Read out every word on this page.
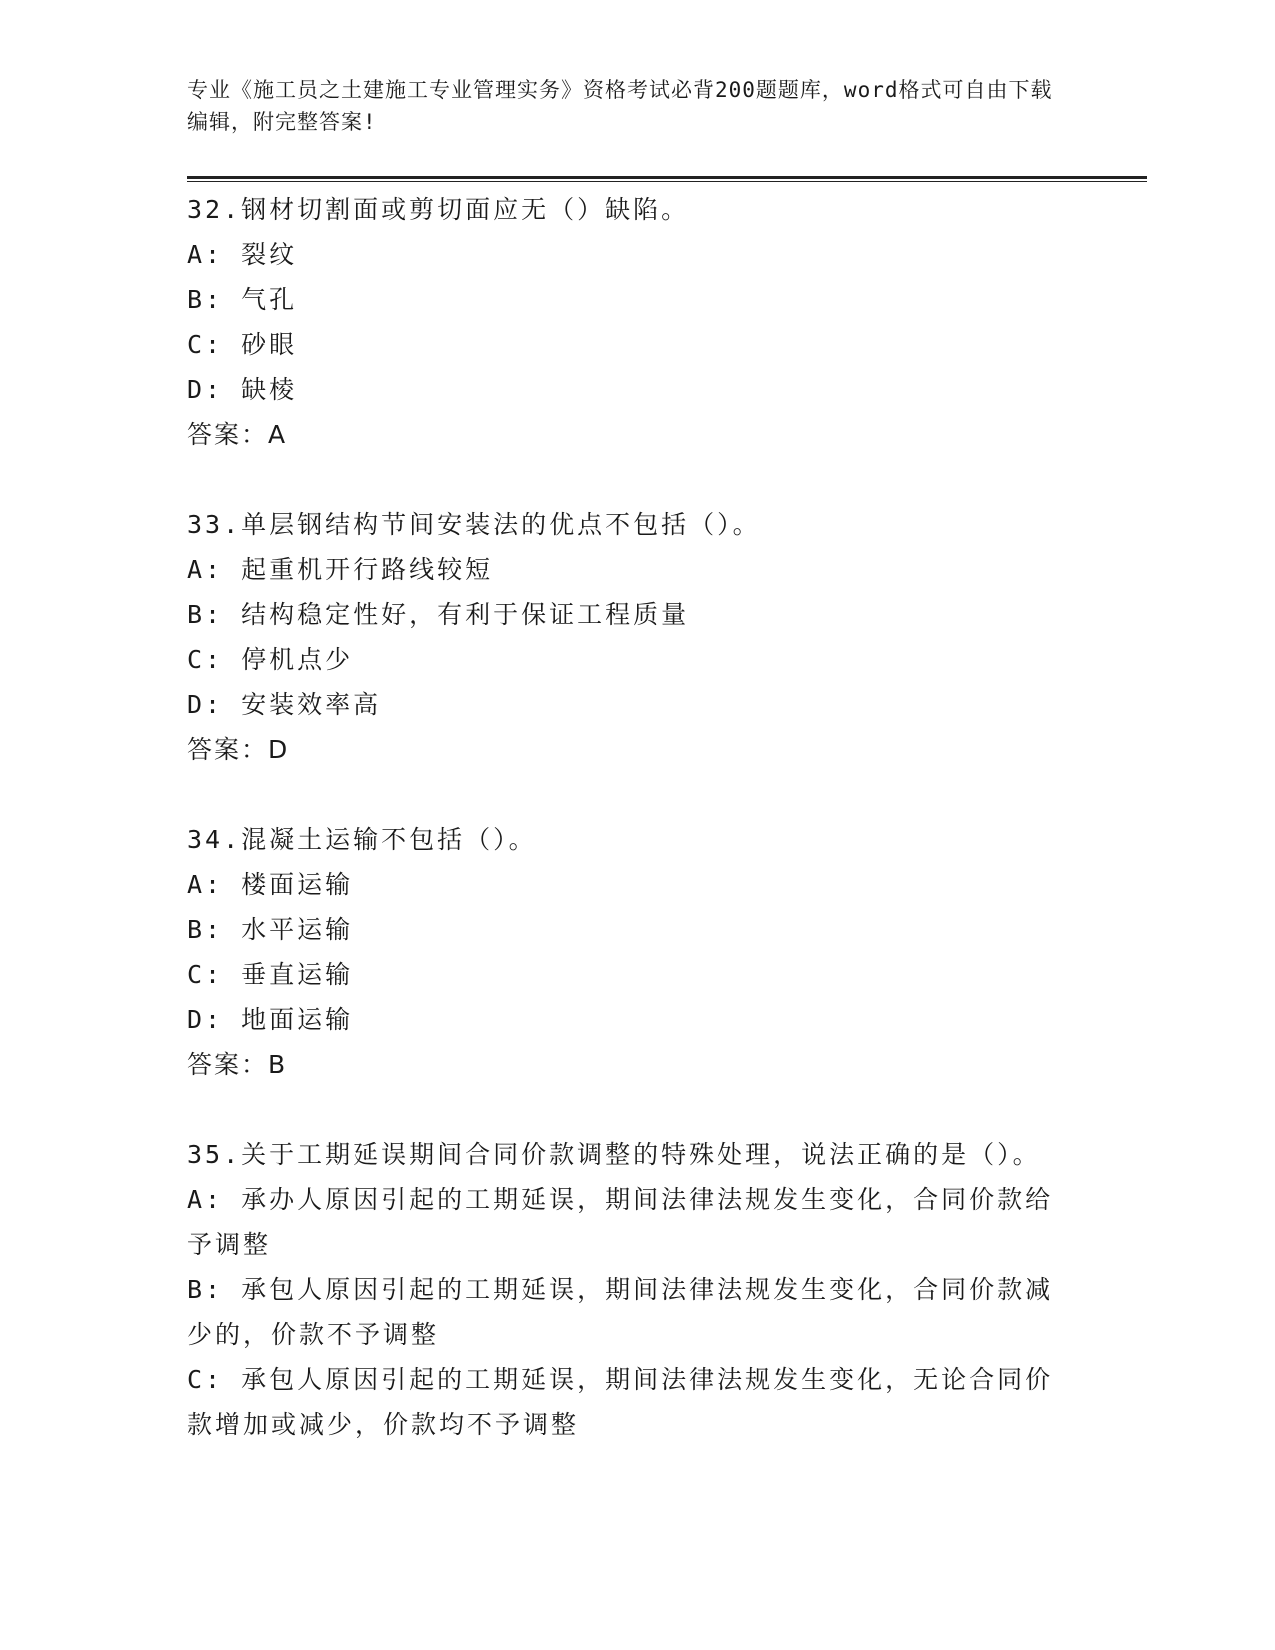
专业《施工员之土建施工专业管理实务》资格考试必背200题题库，word格式可自由下载编辑，附完整答案!
32.钢材切割面或剪切面应无（）缺陷。
A: 裂纹
B: 气孔
C: 砂眼
D: 缺棱
答案：A
33.单层钢结构节间安装法的优点不包括（）。
A: 起重机开行路线较短
B: 结构稳定性好，有利于保证工程质量
C: 停机点少
D: 安装效率高
答案：D
34.混凝土运输不包括（）。
A: 楼面运输
B: 水平运输
C: 垂直运输
D: 地面运输
答案：B
35.关于工期延误期间合同价款调整的特殊处理，说法正确的是（）。
A: 承办人原因引起的工期延误，期间法律法规发生变化，合同价款给予调整
B: 承包人原因引起的工期延误，期间法律法规发生变化，合同价款减少的，价款不予调整
C: 承包人原因引起的工期延误，期间法律法规发生变化，无论合同价款增加或减少，价款均不予调整
